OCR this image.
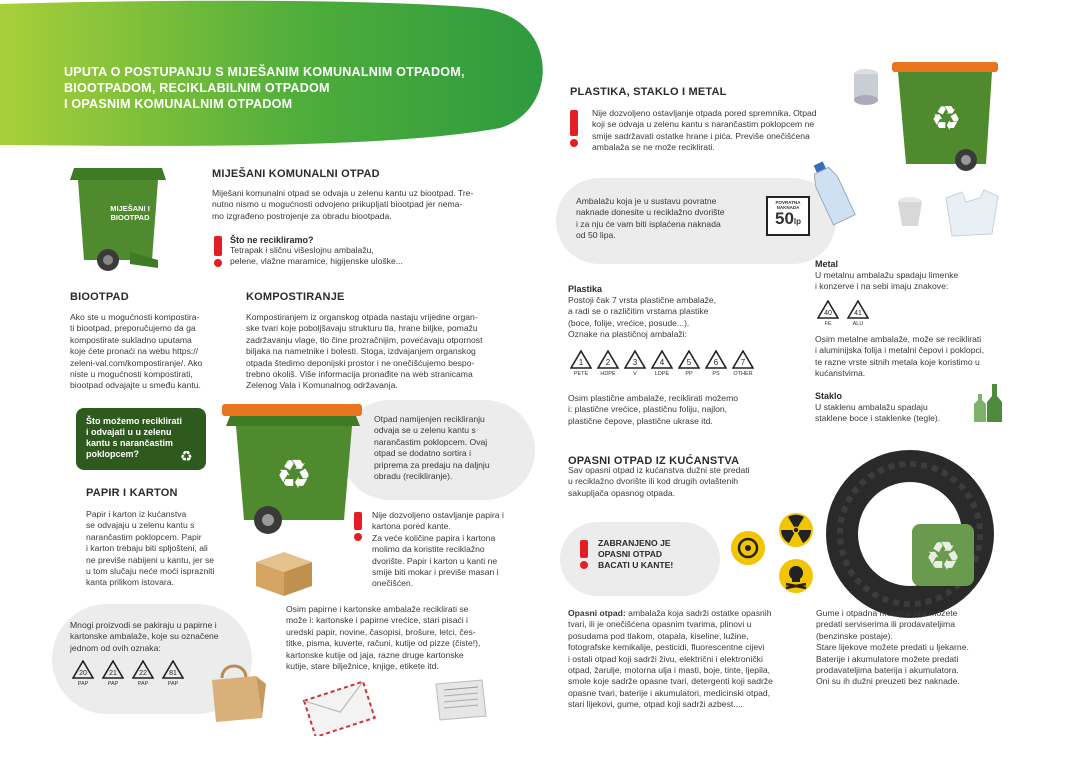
UPUTA O POSTUPANJU S MIJEŠANIM KOMUNALNIM OTPADOM,
BIOOTPADOM, RECIKLABILNIM OTPADOM
I OPASNIM KOMUNALNIM OTPADOM
MIJEŠANI I
BIOOTPAD
MIJEŠANI KOMUNALNI OTPAD
Miješani komunalni otpad se odvaja u zelenu kantu uz biootpad. Tre-
nutno nismo u mogućnosti odvojeno prikupljati biootpad jer nema-
mo izgrađeno postrojenje za obradu biootpada.
Što ne recikliramo?
Tetrapak i sličnu višeslojnu ambalažu,
pelene, vlažne maramice, higijenske uloške...
BIOOTPAD
Ako ste u mogućnosti kompostira-
ti biootpad, preporučujemo da ga
kompostirate sukladno uputama
koje ćete pronaći na webu https://
zeleni-val.com/kompostiranje/. Ako
niste u mogućnosti kompostirati,
biootpad odvajajte u smeđu kantu.
KOMPOSTIRANJE
Kompostiranjem iz organskog otpada nastaju vrijedne organ-
ske tvari koje poboljšavaju strukturu tla, hrane biljke, pomažu
zadržavanju vlage, tlo čine prozračnijim, povećavaju otpornost
biljaka na nametnike i bolesti. Stoga, izdvajanjem organskog
otpada štedimo deponijski prostor i ne onečišćujemo bespo-
trebno okoliš. Više informacija pronađite na web stranicama
Zelenog Vala i Komunalnog održavanja.
Što možemo reciklirati
i odvajati u u zelenu
kantu s narančastim
poklopcem?	♻ ♻
Otpad namijenjen recikliranju
odvaja se u zelenu kantu s
narančastim poklopcem. Ovaj
otpad se dodatno sortira i
priprema za predaju na daljnju
obradu (recikliranje).
PAPIR I KARTON
Papir i karton iz kućanstva
se odvajaju u zelenu kantu s
narančastim poklopcem. Papir
i karton trebaju biti spljošteni, ali
ne previše nabijeni u kantu, jer se
u tom slučaju neće moći isprazniti
kanta prilikom istovara.
Nije dozvoljeno ostavljanje papira i
kartona pored kante.
Za veće količine papira i kartona
molimo da koristite reciklažno
dvorište. Papir i karton u kanti ne
smije biti mokar i previše masan i
onečišćen.
Osim papirne i kartonske ambalaže reciklirati se
može i: kartonske i papirne vrećice, stari pisaći i
uredski papir, novine, časopisi, brošure, letci, čes-
titke, pisma, kuverte, računi, kutije od pizze (čiste!),
kartonske kutije od jaja, razne druge kartonske
kutije, stare bilježnice, knjige, etikete itd.
Mnogi proizvodi se pakiraju u papirne i
kartonske ambalaže, koje su označene
jednom od ovih oznaka:
20
PAP
21
PAP
22
PAP
81
PAP
PLASTIKA, STAKLO I METAL
Nije dozvoljeno ostavljanje otpada pored spremnika. Otpad
koji se odvaja u zelenu kantu s narančastim poklopcem ne
smije sadržavati ostatke hrane i pića. Previše onečišćena
ambalaža se ne može reciklirati.
♻
Ambalažu koja je u sustavu povratne
naknade donesite u reciklažno dvorište
i za nju će vam biti isplaćena naknada
od 50 lipa.
POVRATNA
NAKNADA
50lp
Plastika
Postoji čak 7 vrsta plastične ambalaže,
a radi se o različitim vrstama plastike
(boce, folije, vrećice, posude...).
Oznake na plastičnoj ambalaži:
1
PETE
2
HDPE
3
V
4
LDPE
5
PP
6
PS
7
OTHER
Osim plastične ambalaže, reciklirati možemo
i: plastične vrećice, plastičnu foliju, najlon,
plastične čepove, plastične ukrase itd.
Metal
U metalnu ambalažu spadaju limenke
i konzerve i na sebi imaju znakove:
40
FE
41
ALU
Osim metalne ambalaže, može se reciklirati
i aluminijska folija i metalni čepovi i poklopci,
te razne vrste sitnih metala koje koristimo u
kućanstvima.
Staklo
U staklenu ambalažu spadaju
staklene boce i staklenke (tegle).
OPASNI OTPAD IZ KUĆANSTVA
Sav opasni otpad iz kućanstva dužni ste predati
u reciklažno dvorište ili kod drugih ovlaštenih
sakupljača opasnog otpada.
ZABRANJENO JE
OPASNI OTPAD
BACATI U KANTE!	♻
Opasni otpad: ambalaža koja sadrži ostatke opasnih
tvari, ili je onečišćena opasnim tvarima, plinovi u
posudama pod tlakom, otapala, kiseline, lužine,
fotografske kemikalije, pesticidi, fluorescentne cijevi
i ostali otpad koji sadrži živu, električni i elektronički
otpad, žaruljе, motorna ulja i masti, boje, tinte, ljepila,
smole koje sadrže opasne tvari, detergenti koji sadrže
opasne tvari, baterije i akumulatori, medicinski otpad,
stari lijekovi, gume, otpad koji sadrži azbest....
Gume i otpadna motorna ulja možete
predati serviserima ili prodavateljima
(benzinske postaje).
Stare lijekove možete predati u ljekarne.
Baterije i akumulatore možete predati
prodavateljima baterija i akumulatora.
Oni su ih dužni preuzeti bez naknade.
